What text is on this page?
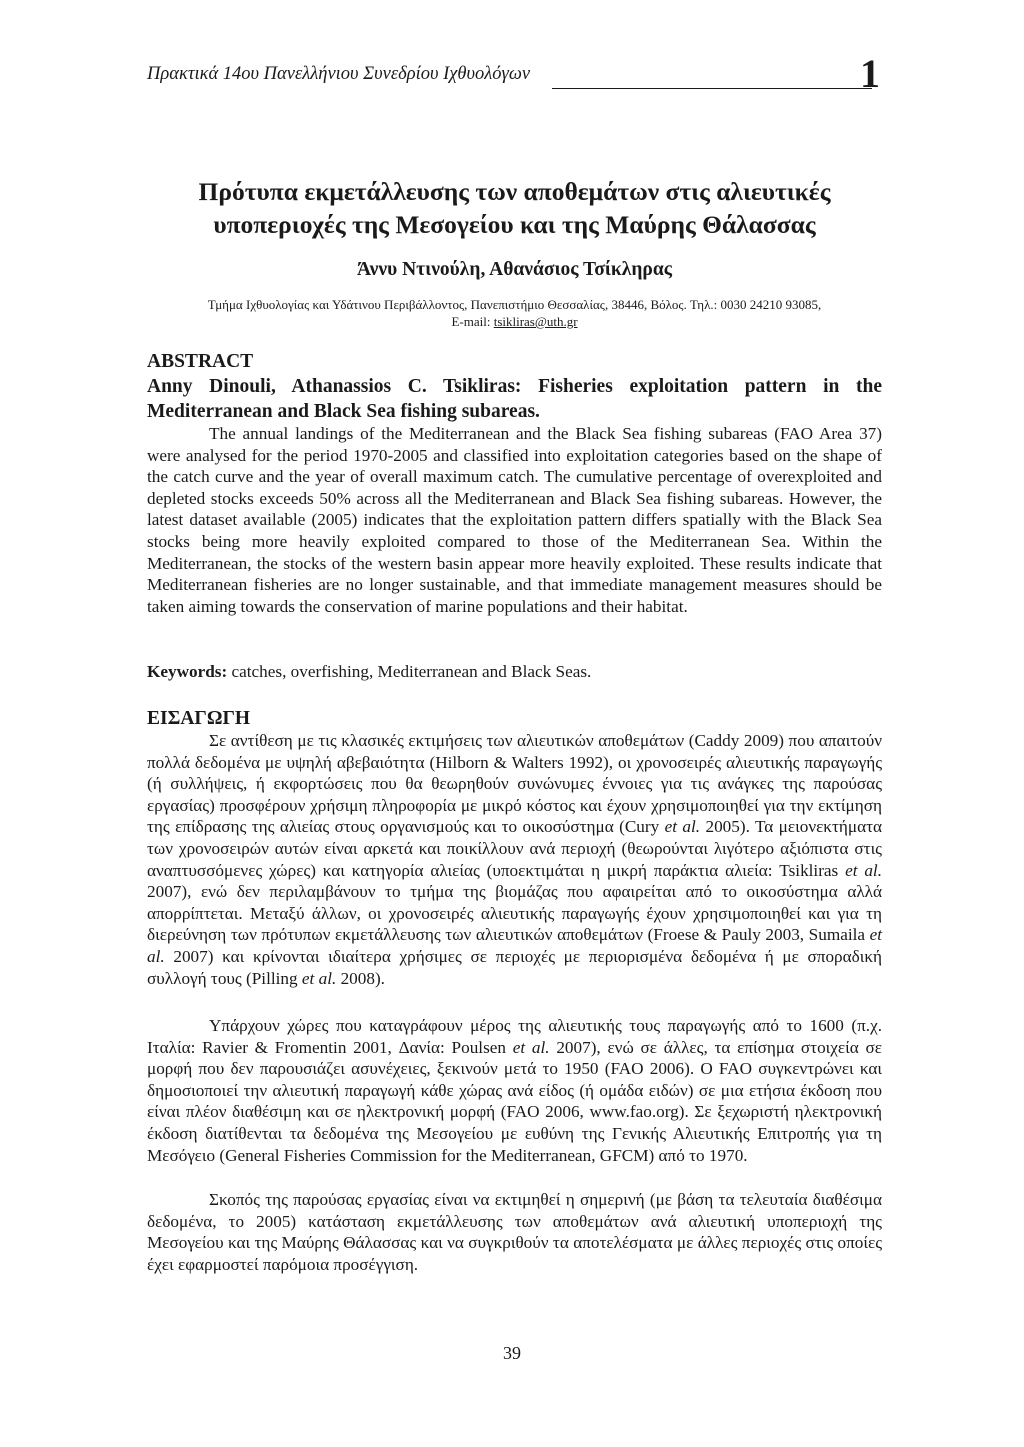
Πρακτικά 14ου Πανελλήνιου Συνεδρίου Ιχθυολόγων	1
Πρότυπα εκμετάλλευσης των αποθεμάτων στις αλιευτικές
υποπεριοχές της Μεσογείου και της Μαύρης Θάλασσας
Άννυ Ντινούλη, Αθανάσιος Τσίκληρας
Τμήμα Ιχθυολογίας και Υδάτινου Περιβάλλοντος, Πανεπιστήμιο Θεσσαλίας, 38446, Βόλος. Τηλ.: 0030 24210 93085,
E-mail: tsikliras@uth.gr
ABSTRACT
Anny Dinouli, Athanassios C. Tsikliras: Fisheries exploitation pattern in the Mediterranean and Black Sea fishing subareas.

The annual landings of the Mediterranean and the Black Sea fishing subareas (FAO Area 37) were analysed for the period 1970-2005 and classified into exploitation categories based on the shape of the catch curve and the year of overall maximum catch. The cumulative percentage of overexploited and depleted stocks exceeds 50% across all the Mediterranean and Black Sea fishing subareas. However, the latest dataset available (2005) indicates that the exploitation pattern differs spatially with the Black Sea stocks being more heavily exploited compared to those of the Mediterranean Sea. Within the Mediterranean, the stocks of the western basin appear more heavily exploited. These results indicate that Mediterranean fisheries are no longer sustainable, and that immediate management measures should be taken aiming towards the conservation of marine populations and their habitat.

Keywords: catches, overfishing, Mediterranean and Black Seas.
ΕΙΣΑΓΩΓΗ

Σε αντίθεση με τις κλασικές εκτιμήσεις των αλιευτικών αποθεμάτων (Caddy 2009) που απαιτούν πολλά δεδομένα με υψηλή αβεβαιότητα (Hilborn & Walters 1992), οι χρονοσειρές αλιευτικής παραγωγής (ή συλλήψεις, ή εκφορτώσεις που θα θεωρηθούν συνώνυμες έννοιες για τις ανάγκες της παρούσας εργασίας) προσφέρουν χρήσιμη πληροφορία με μικρό κόστος και έχουν χρησιμοποιηθεί για την εκτίμηση της επίδρασης της αλιείας στους οργανισμούς και το οικοσύστημα (Cury et al. 2005). Τα μειονεκτήματα των χρονοσειρών αυτών είναι αρκετά και ποικίλλουν ανά περιοχή (θεωρούνται λιγότερο αξιόπιστα στις αναπτυσσόμενες χώρες) και κατηγορία αλιείας (υποεκτιμάται η μικρή παράκτια αλιεία: Tsikliras et al. 2007), ενώ δεν περιλαμβάνουν το τμήμα της βιομάζας που αφαιρείται από το οικοσύστημα αλλά απορρίπτεται. Μεταξύ άλλων, οι χρονοσειρές αλιευτικής παραγωγής έχουν χρησιμοποιηθεί και για τη διερεύνηση των πρότυπων εκμετάλλευσης των αλιευτικών αποθεμάτων (Froese & Pauly 2003, Sumaila et al. 2007) και κρίνονται ιδιαίτερα χρήσιμες σε περιοχές με περιορισμένα δεδομένα ή με σποραδική συλλογή τους (Pilling et al. 2008).

Υπάρχουν χώρες που καταγράφουν μέρος της αλιευτικής τους παραγωγής από το 1600 (π.χ. Ιταλία: Ravier & Fromentin 2001, Δανία: Poulsen et al. 2007), ενώ σε άλλες, τα επίσημα στοιχεία σε μορφή που δεν παρουσιάζει ασυνέχειες, ξεκινούν μετά το 1950 (FAO 2006). Ο FAO συγκεντρώνει και δημοσιοποιεί την αλιευτική παραγωγή κάθε χώρας ανά είδος (ή ομάδα ειδών) σε μια ετήσια έκδοση που είναι πλέον διαθέσιμη και σε ηλεκτρονική μορφή (FAO 2006, www.fao.org). Σε ξεχωριστή ηλεκτρονική έκδοση διατίθενται τα δεδομένα της Μεσογείου με ευθύνη της Γενικής Αλιευτικής Επιτροπής για τη Μεσόγειο (General Fisheries Commission for the Mediterranean, GFCM) από το 1970.

Σκοπός της παρούσας εργασίας είναι να εκτιμηθεί η σημερινή (με βάση τα τελευταία διαθέσιμα δεδομένα, το 2005) κατάσταση εκμετάλλευσης των αποθεμάτων ανά αλιευτική υποπεριοχή της Μεσογείου και της Μαύρης Θάλασσας και να συγκριθούν τα αποτελέσματα με άλλες περιοχές στις οποίες έχει εφαρμοστεί παρόμοια προσέγγιση.

39
